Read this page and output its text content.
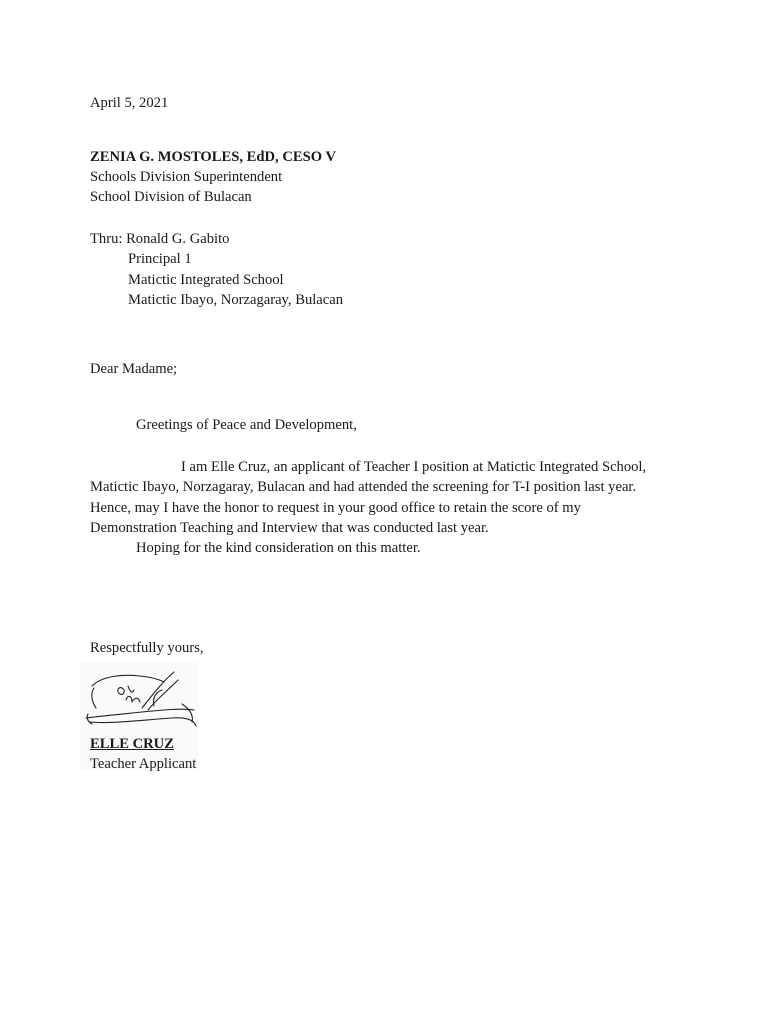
April 5, 2021
ZENIA G. MOSTOLES, EdD, CESO V
Schools Division Superintendent
School Division of Bulacan
Thru: Ronald G. Gabito
Principal 1
Matictic Integrated School
Matictic Ibayo, Norzagaray, Bulacan
Dear Madame;
Greetings of Peace and Development,
I am Elle Cruz, an applicant of Teacher I position at Matictic Integrated School,
Matictic Ibayo, Norzagaray, Bulacan and had attended the screening for T-I position last year.
Hence, may I have the honor to request in your good office to retain the score of my
Demonstration Teaching and Interview that was conducted last year.
Hoping for the kind consideration on this matter.
Respectfully yours,
ELLE CRUZ
Teacher Applicant
